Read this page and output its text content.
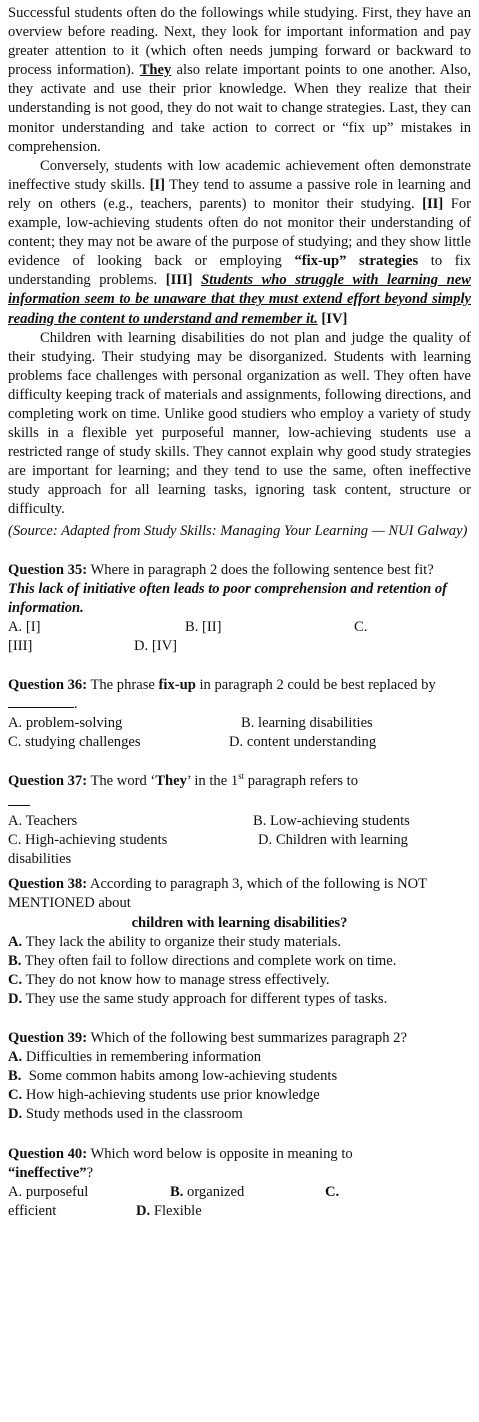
Successful students often do the followings while studying. First, they have an overview before reading. Next, they look for important information and pay greater attention to it (which often needs jumping forward or backward to process information). They also relate important points to one another. Also, they activate and use their prior knowledge. When they realize that their understanding is not good, they do not wait to change strategies. Last, they can monitor understanding and take action to correct or “fix up” mistakes in comprehension.

Conversely, students with low academic achievement often demonstrate ineffective study skills. [I] They tend to assume a passive role in learning and rely on others (e.g., teachers, parents) to monitor their studying. [II] For example, low-achieving students often do not monitor their understanding of content; they may not be aware of the purpose of studying; and they show little evidence of looking back or employing “fix-up” strategies to fix understanding problems. [III] Students who struggle with learning new information seem to be unaware that they must extend effort beyond simply reading the content to understand and remember it. [IV]

Children with learning disabilities do not plan and judge the quality of their studying. Their studying may be disorganized. Students with learning problems face challenges with personal organization as well. They often have difficulty keeping track of materials and assignments, following directions, and completing work on time. Unlike good studiers who employ a variety of study skills in a flexible yet purposeful manner, low-achieving students use a restricted range of study skills. They cannot explain why good study strategies are important for learning; and they tend to use the same, often ineffective study approach for all learning tasks, ignoring task content, structure or difficulty.

(Source: Adapted from Study Skills: Managing Your Learning — NUI Galway)

Question 35: Where in paragraph 2 does the following sentence best fit?

This lack of initiative often leads to poor comprehension and retention of information.

A. [I]	B. [II]	C.
[III]	D. [IV]

Question 36: The phrase fix-up in paragraph 2 could be best replaced by.

A. problem-solving	B. learning disabilities
C. studying challenges	D. content understanding

Question 37: The word ‘They’ in the 1st paragraph refers to

A. Teachers	B. Low-achieving students
C. High-achieving students	D. Children with learning

disabilities

Question 38: According to paragraph 3, which of the following is NOT MENTIONED about

children with learning disabilities?

A. They lack the ability to organize their study materials.

B. They often fail to follow directions and complete work on time.

C. They do not know how to manage stress effectively.

D. They use the same study approach for different types of tasks.

Question 39: Which of the following best summarizes paragraph 2?

A. Difficulties in remembering information

B.  Some common habits among low-achieving students

C. How high-achieving students use prior knowledge

D. Study methods used in the classroom

Question 40: Which word below is opposite in meaning to

“ineffective”?

A. purposeful	B. organized	C.
efficient	D. Flexible
